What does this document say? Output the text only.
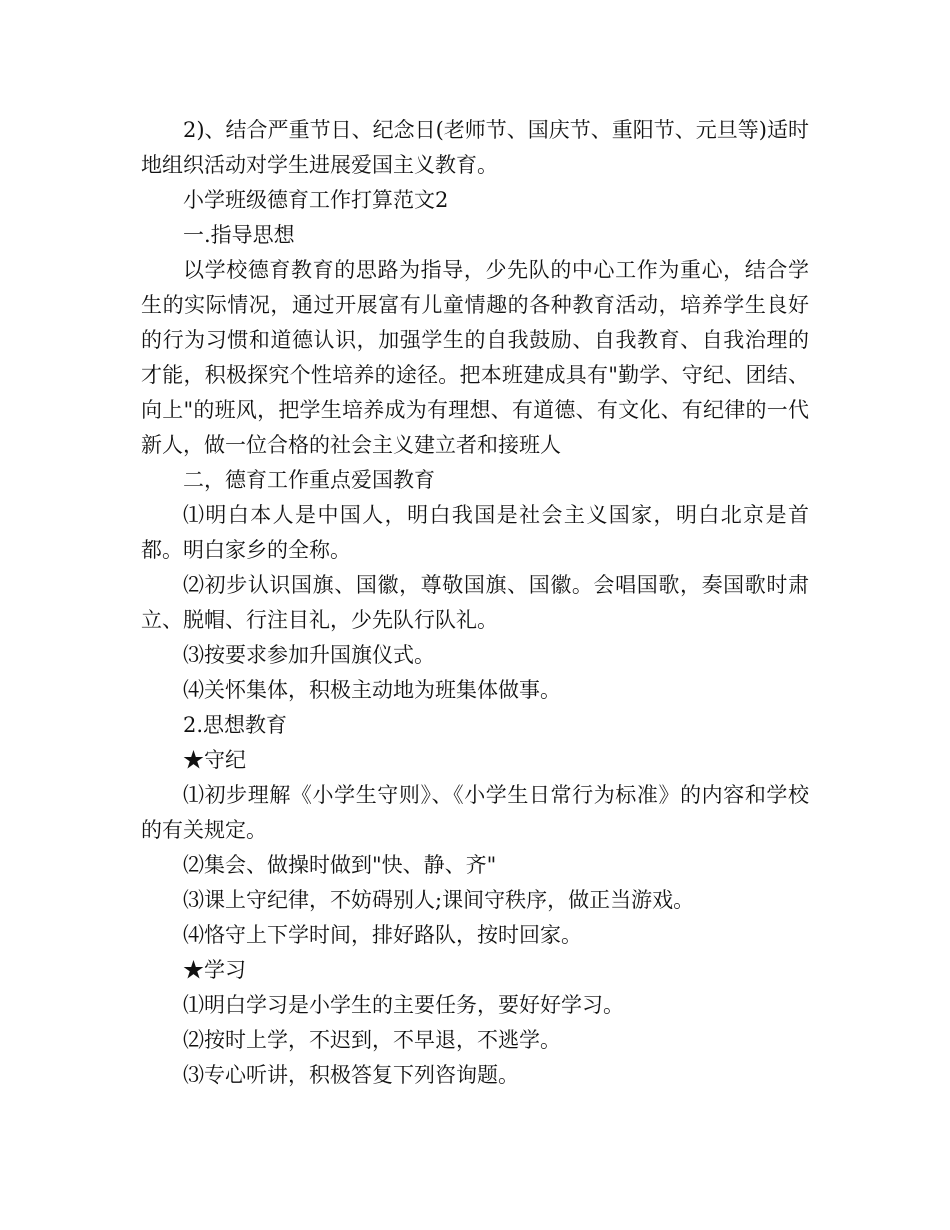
2)、结合严重节日、纪念日(老师节、国庆节、重阳节、元旦等)适时地组织活动对学生进展爱国主义教育。

小学班级德育工作打算范文2

一.指导思想

以学校德育教育的思路为指导，少先队的中心工作为重心，结合学生的实际情况，通过开展富有儿童情趣的各种教育活动，培养学生良好的行为习惯和道德认识，加强学生的自我鼓励、自我教育、自我治理的才能，积极探究个性培养的途径。把本班建成具有"勤学、守纪、团结、向上"的班风，把学生培养成为有理想、有道德、有文化、有纪律的一代新人，做一位合格的社会主义建立者和接班人

二，德育工作重点爱国教育

⑴明白本人是中国人，明白我国是社会主义国家，明白北京是首都。明白家乡的全称。

⑵初步认识国旗、国徽，尊敬国旗、国徽。会唱国歌，奏国歌时肃立、脱帽、行注目礼，少先队行队礼。

⑶按要求参加升国旗仪式。

⑷关怀集体，积极主动地为班集体做事。

2.思想教育

★守纪

⑴初步理解《小学生守则》、《小学生日常行为标准》的内容和学校的有关规定。

⑵集会、做操时做到"快、静、齐"

⑶课上守纪律，不妨碍别人;课间守秩序，做正当游戏。

⑷恪守上下学时间，排好路队，按时回家。

★学习

⑴明白学习是小学生的主要任务，要好好学习。

⑵按时上学，不迟到，不早退，不逃学。

⑶专心听讲，积极答复下列咨询题。
